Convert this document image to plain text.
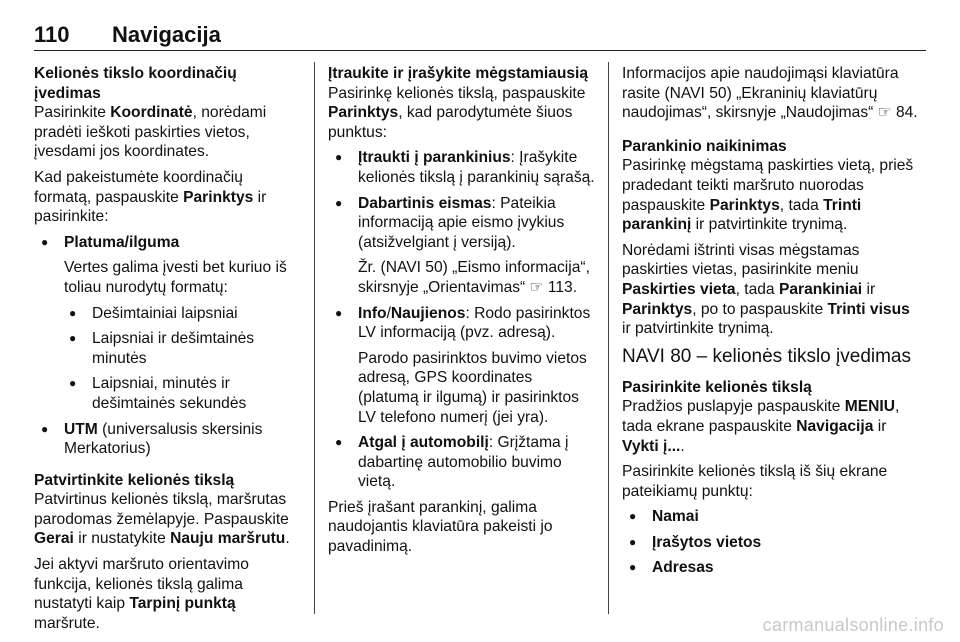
110 Navigacija

Kelionės tikslo koordinačių įvedimas

Pasirinkite Koordinatė, norėdami pradėti ieškoti paskirties vietos, įvesdami jos koordinates.

Kad pakeistumėte koordinačių formatą, paspauskite Parinktys ir pasirinkite:

● Platuma/ilguma
Vertes galima įvesti bet kuriuo iš toliau nurodytų formatų:
● Dešimtainiai laipsniai
● Laipsniai ir dešimtainės minutės
● Laipsniai, minutės ir dešimtainės sekundės
● UTM (universalusis skersinis Merkatorius)

Patvirtinkite kelionės tikslą

Patvirtinus kelionės tikslą, maršrutas parodomas žemėlapyje. Paspauskite Gerai ir nustatykite Nauju maršrutu.

Jei aktyvi maršruto orientavimo funkcija, kelionės tikslą galima nustatyti kaip Tarpinį punktą maršrute.

Įtraukite ir įrašykite mėgstamiausią

Pasirinkę kelionės tikslą, paspauskite Parinktys, kad parodytumėte šiuos punktus:

● Įtraukti į parankinius: Įrašykite kelionės tikslą į parankinių sąrašą.
● Dabartinis eismas: Pateikia informaciją apie eismo įvykius (atsižvelgiant į versiją).
Žr. (NAVI 50) „Eismo informacija“, skirsnyje „Orientavimas“ ☞ 113.
● Info/Naujienos: Rodo pasirinktos LV informaciją (pvz. adresą).
Parodo pasirinktos buvimo vietos adresą, GPS koordinates (platumą ir ilgumą) ir pasirinktos LV telefono numerį (jei yra).
● Atgal į automobilį: Grįžtama į dabartinę automobilio buvimo vietą.

Prieš įrašant parankinį, galima naudojantis klaviatūra pakeisti jo pavadinimą.

Informacijos apie naudojimąsi klaviatūra rasite (NAVI 50) „Ekraninių klaviatūrų naudojimas“, skirsnyje „Naudojimas“ ☞ 84.

Parankinio naikinimas

Pasirinkę mėgstamą paskirties vietą, prieš pradedant teikti maršruto nuorodas paspauskite Parinktys, tada Trinti parankinį ir patvirtinkite trynimą.

Norėdami ištrinti visas mėgstamas paskirties vietas, pasirinkite meniu Paskirties vieta, tada Parankiniai ir Parinktys, po to paspauskite Trinti visus ir patvirtinkite trynimą.

NAVI 80 – kelionės tikslo įvedimas

Pasirinkite kelionės tikslą

Pradžios puslapyje paspauskite MENIU, tada ekrane paspauskite Navigacija ir Vykti į....

Pasirinkite kelionės tikslą iš šių ekrane pateikiamų punktų:

● Namai
● Įrašytos vietos
● Adresas
carmanualsonline.info
